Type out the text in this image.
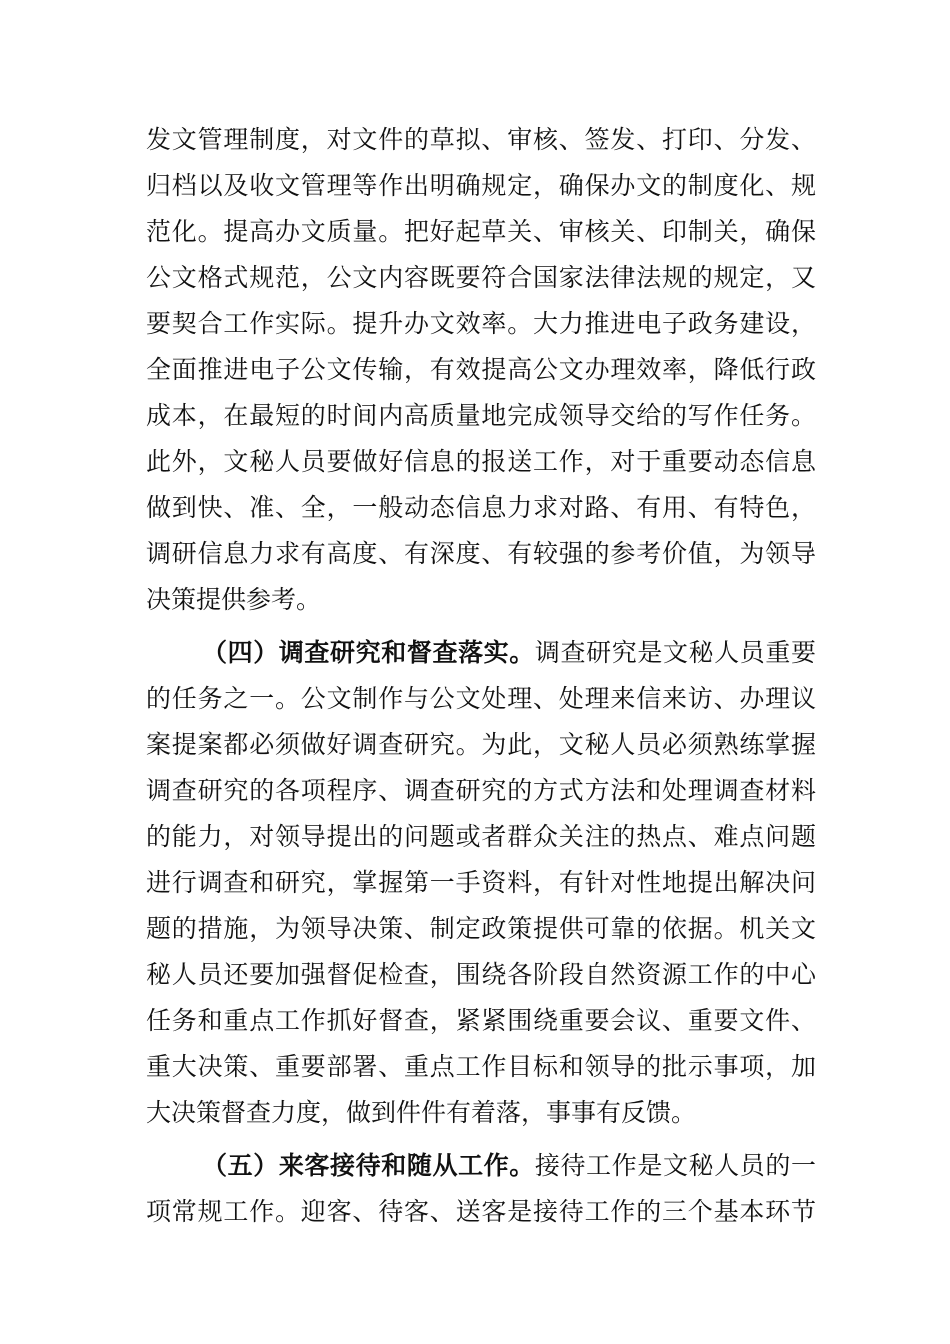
发文管理制度，对文件的草拟、审核、签发、打印、分发、
归档以及收文管理等作出明确规定，确保办文的制度化、规
范化。提高办文质量。把好起草关、审核关、印制关，确保
公文格式规范，公文内容既要符合国家法律法规的规定，又
要契合工作实际。提升办文效率。大力推进电子政务建设，
全面推进电子公文传输，有效提高公文办理效率，降低行政
成本，在最短的时间内高质量地完成领导交给的写作任务。
此外，文秘人员要做好信息的报送工作，对于重要动态信息
做到快、准、全，一般动态信息力求对路、有用、有特色，
调研信息力求有高度、有深度、有较强的参考价值，为领导
决策提供参考。
（四）调查研究和督查落实。调查研究是文秘人员重要
的任务之一。公文制作与公文处理、处理来信来访、办理议
案提案都必须做好调查研究。为此，文秘人员必须熟练掌握
调查研究的各项程序、调查研究的方式方法和处理调查材料
的能力，对领导提出的问题或者群众关注的热点、难点问题
进行调查和研究，掌握第一手资料，有针对性地提出解决问
题的措施，为领导决策、制定政策提供可靠的依据。机关文
秘人员还要加强督促检查，围绕各阶段自然资源工作的中心
任务和重点工作抓好督查，紧紧围绕重要会议、重要文件、
重大决策、重要部署、重点工作目标和领导的批示事项，加
大决策督查力度，做到件件有着落，事事有反馈。
（五）来客接待和随从工作。接待工作是文秘人员的一
项常规工作。迎客、待客、送客是接待工作的三个基本环节
